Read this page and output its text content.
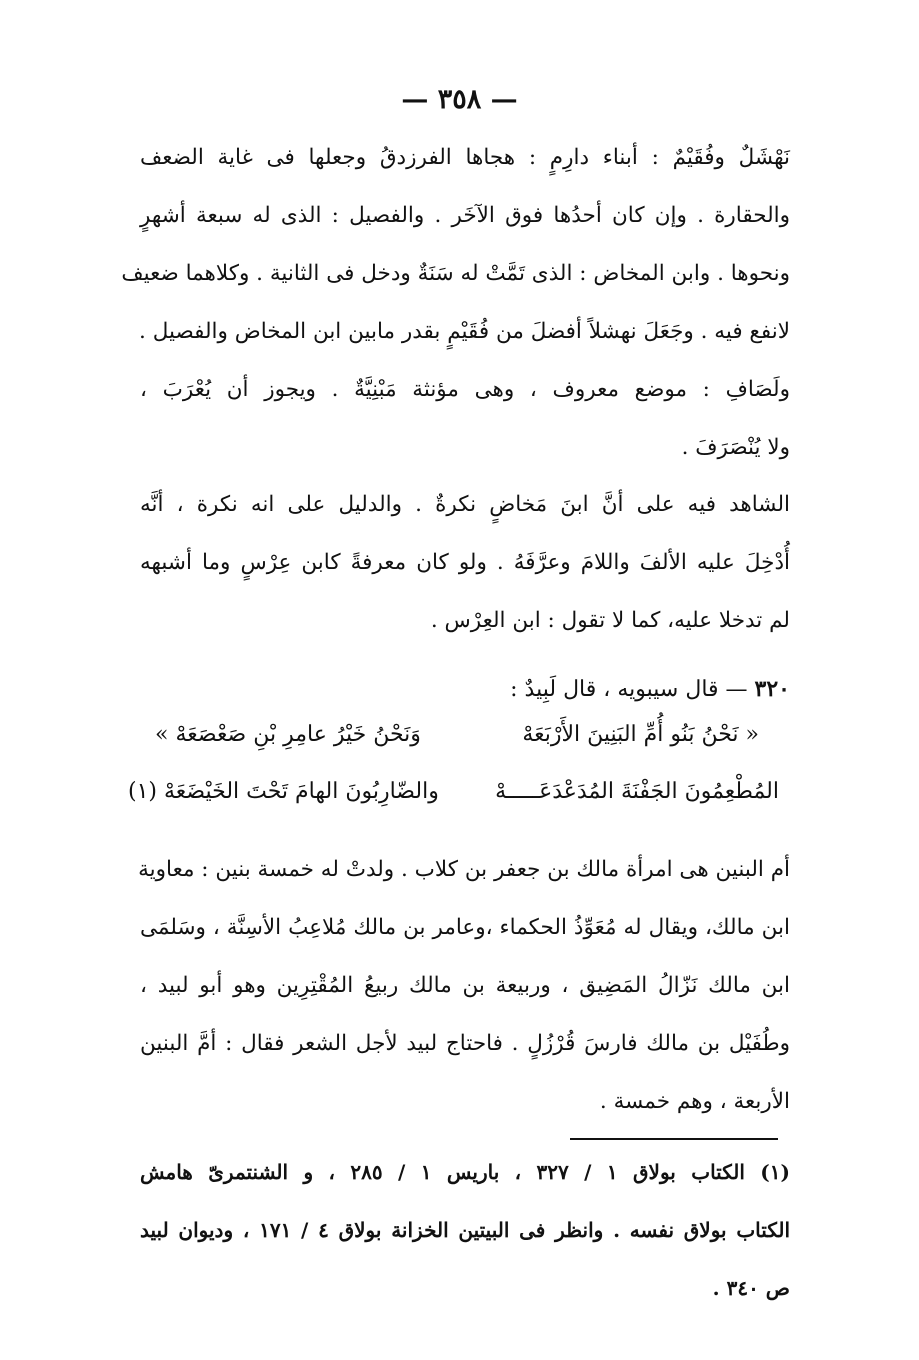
— ٣٥٨ —
نَهْشَلٌ وفُقَيْمٌ : أبناء دارِمٍ : هجاها الفرزدقُ وجعلها فى غاية الضعف
والحقارة . وإن كان أحدُها فوق الآخَر . والفصيل : الذى له سبعة أشهرٍ
ونحوها . وابن المخاض : الذى تَمَّتْ له سَنَةٌ ودخل فى الثانية . وكلاهما ضعيف
لانفع فيه . وجَعَلَ نهشلاً أفضلَ من فُقَيْمٍ بقدر مابين ابن المخاض والفصيل .
ولَصَافِ : موضع معروف ، وهى مؤنثة مَبْنِيَّةٌ . ويجوز أن يُعْرَبَ ،
ولا يُنْصَرَفَ .
الشاهد فيه على أنَّ ابنَ مَخاضٍ نكرةٌ . والدليل على انه نكرة ، أنَّه
أُدْخِلَ عليه الألفَ واللامَ وعرَّفَهُ . ولو كان معرفةً كابن عِرْسٍ وما أشبهه
لم تدخلا عليه، كما لا تقول : ابن العِرْس .
٣٢٠ — قال سيبويه ، قال لَبِيدٌ :
« نَحْنُ بَنُو أُمِّ البَنِينَ الأَرْبَعَهْ
وَنَحْنُ خَيْرُ عامِرِ بْنِ صَعْصَعَهْ »
المُطْعِمُونَ الجَفْنَةَ المُدَعْدَعَـــــهْ
والضّارِبُونَ الهامَ تَحْتَ الخَيْضَعَهْ (١)
أم البنين هى امرأة مالك بن جعفر بن كلاب . ولدتْ له خمسة بنين : معاوية
ابن مالك، ويقال له مُعَوِّذُ الحكماء ،وعامر بن مالك مُلاعِبُ الأسِنَّة ، وسَلمَى
ابن مالك نَزّالُ المَضِيق ، وربيعة بن مالك ربيعُ المُقْتِرِين وهو أبو لبيد ،
وطُفَيْل بن مالك فارسَ قُرْزُلٍ . فاحتاج لبيد لأجل الشعر فقال : أمَّ البنين
الأربعة ، وهم خمسة .
(١) الكتاب بولاق ١ / ٣٢٧ ، باريس ١ / ٢٨٥ ، و الشنتمرىّ هامش
الكتاب بولاق نفسه . وانظر فى البيتين الخزانة بولاق ٤ / ١٧١ ، وديوان لبيد
ص ٣٤٠ .
